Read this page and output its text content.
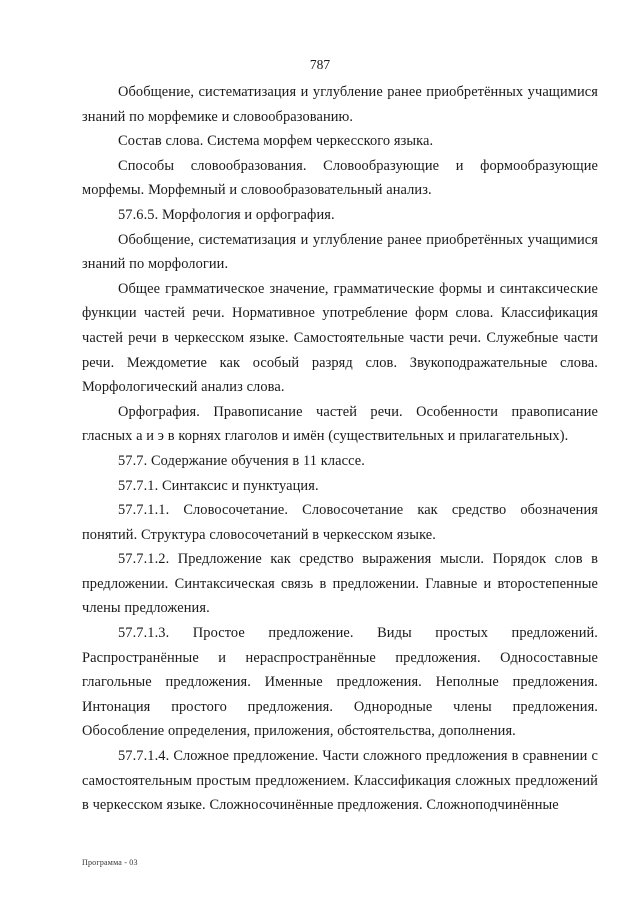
787

Обобщение, систематизация и углубление ранее приобретённых учащимися знаний по морфемике и словообразованию.

Состав слова. Система морфем черкесского языка.

Способы словообразования. Словообразующие и формообразующие морфемы. Морфемный и словообразовательный анализ.

57.6.5. Морфология и орфография.

Обобщение, систематизация и углубление ранее приобретённых учащимися знаний по морфологии.

Общее грамматическое значение, грамматические формы и синтаксические функции частей речи. Нормативное употребление форм слова. Классификация частей речи в черкесском языке. Самостоятельные части речи. Служебные части речи. Междометие как особый разряд слов. Звукоподражательные слова. Морфологический анализ слова.

Орфография. Правописание частей речи. Особенности правописание гласных а и э в корнях глаголов и имён (существительных и прилагательных).

57.7. Содержание обучения в 11 классе.

57.7.1. Синтаксис и пунктуация.

57.7.1.1. Словосочетание. Словосочетание как средство обозначения понятий. Структура словосочетаний в черкесском языке.

57.7.1.2. Предложение как средство выражения мысли. Порядок слов в предложении. Синтаксическая связь в предложении. Главные и второстепенные члены предложения.

57.7.1.3. Простое предложение. Виды простых предложений. Распространённые и нераспространённые предложения. Односоставные глагольные предложения. Именные предложения. Неполные предложения. Интонация простого предложения. Однородные члены предложения. Обособление определения, приложения, обстоятельства, дополнения.

57.7.1.4. Сложное предложение. Части сложного предложения в сравнении с самостоятельным простым предложением. Классификация сложных предложений в черкесском языке. Сложносочинённые предложения. Сложноподчинённые

Программа - 03
